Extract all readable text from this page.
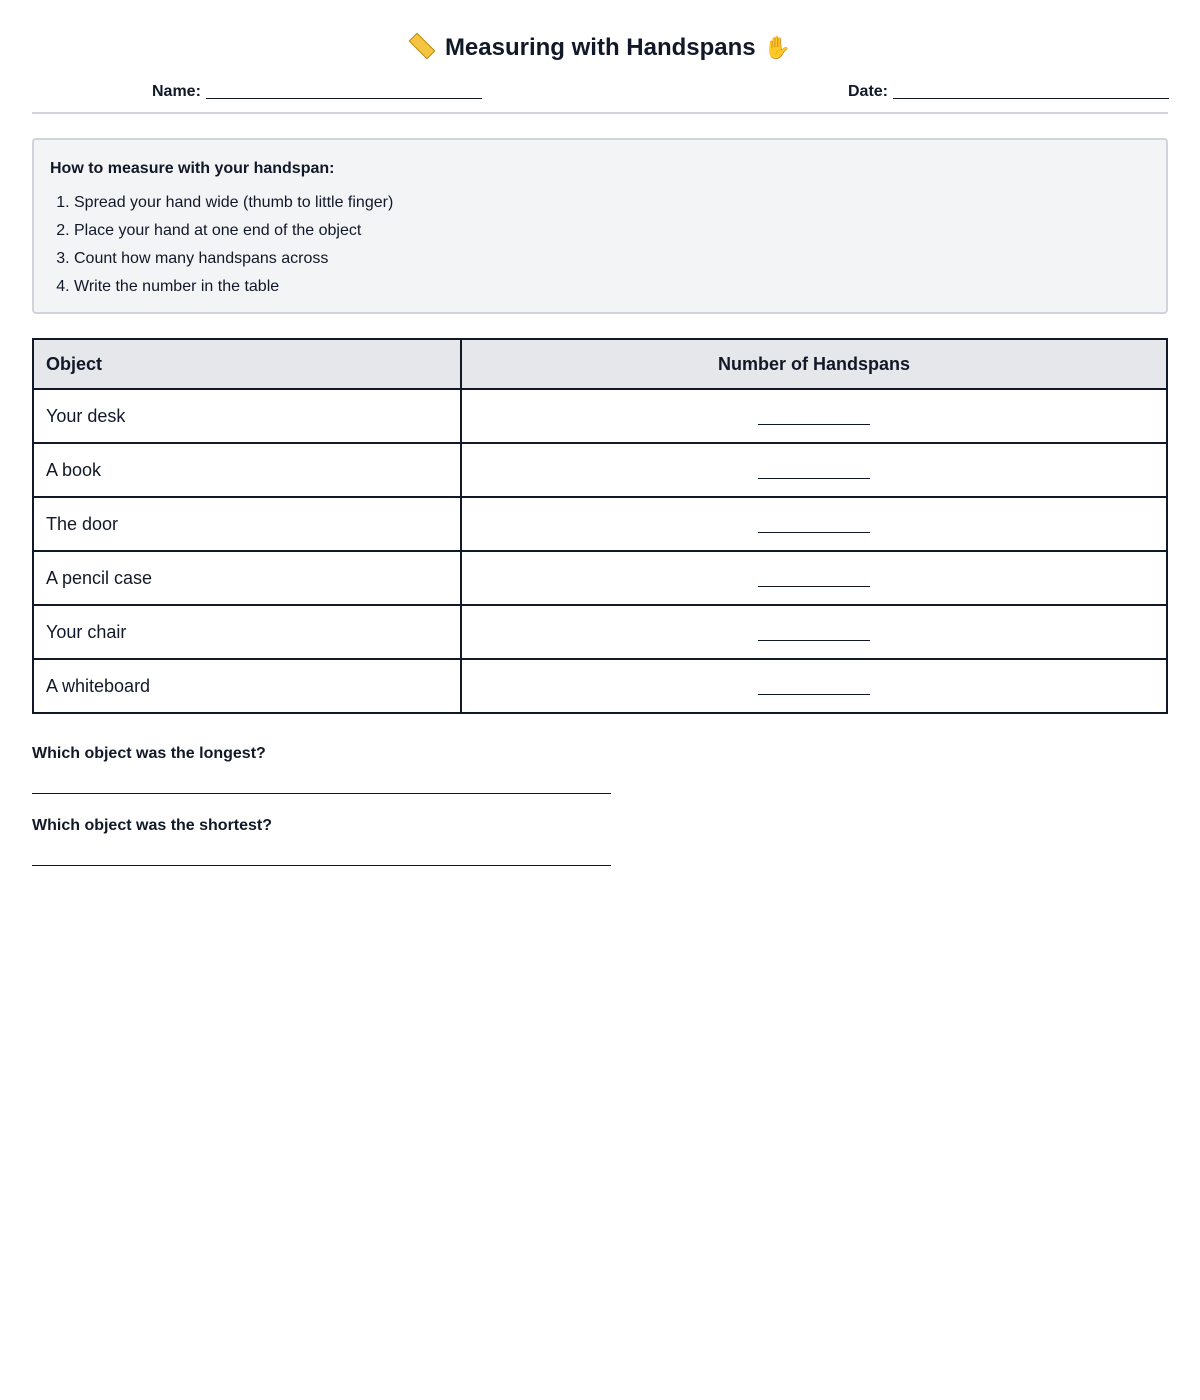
Measuring with Handspans ✋
Name:	Date:
How to measure with your handspan:
1. Spread your hand wide (thumb to little finger)
2. Place your hand at one end of the object
3. Count how many handspans across
4. Write the number in the table
Object	Number of Handspans
Your desk	
A book	
The door	
A pencil case	
Your chair	
A whiteboard	
Which object was the longest?
Which object was the shortest?
